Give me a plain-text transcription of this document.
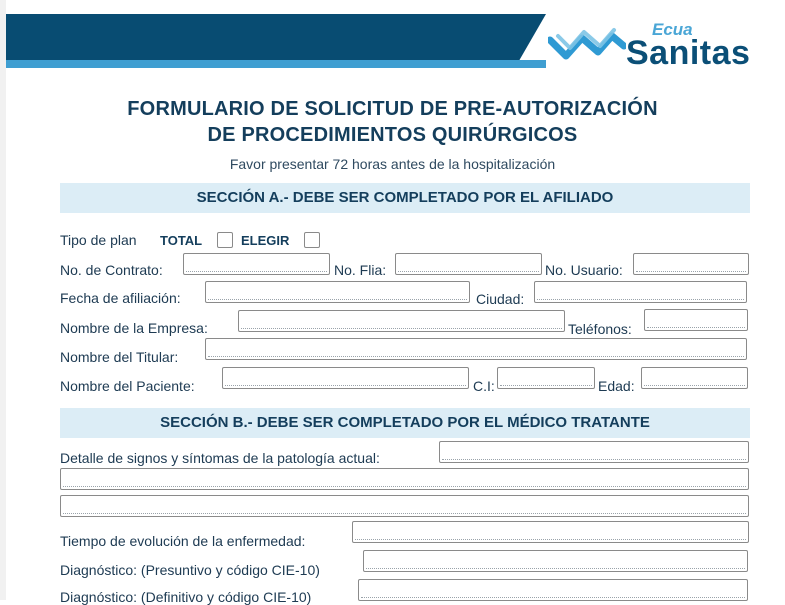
Ecua
Sanitas
FORMULARIO DE SOLICITUD DE PRE-AUTORIZACIÓN
DE PROCEDIMIENTOS QUIRÚRGICOS
Favor presentar 72 horas antes de la hospitalización
SECCIÓN A.- DEBE SER COMPLETADO POR EL AFILIADO
Tipo de plan TOTAL	ELEGIR
No. de Contrato:	No. Flia:	No. Usuario:
Fecha de afiliación:	Ciudad:
Nombre de la Empresa:	Teléfonos:
Nombre del Titular:
Nombre del Paciente:	C.I:	Edad:
SECCIÓN B.- DEBE SER COMPLETADO POR EL MÉDICO TRATANTE
Detalle de signos y síntomas de la patología actual:
Tiempo de evolución de la enfermedad:
Diagnóstico: (Presuntivo y código CIE-10)
Diagnóstico: (Definitivo y código CIE-10)
